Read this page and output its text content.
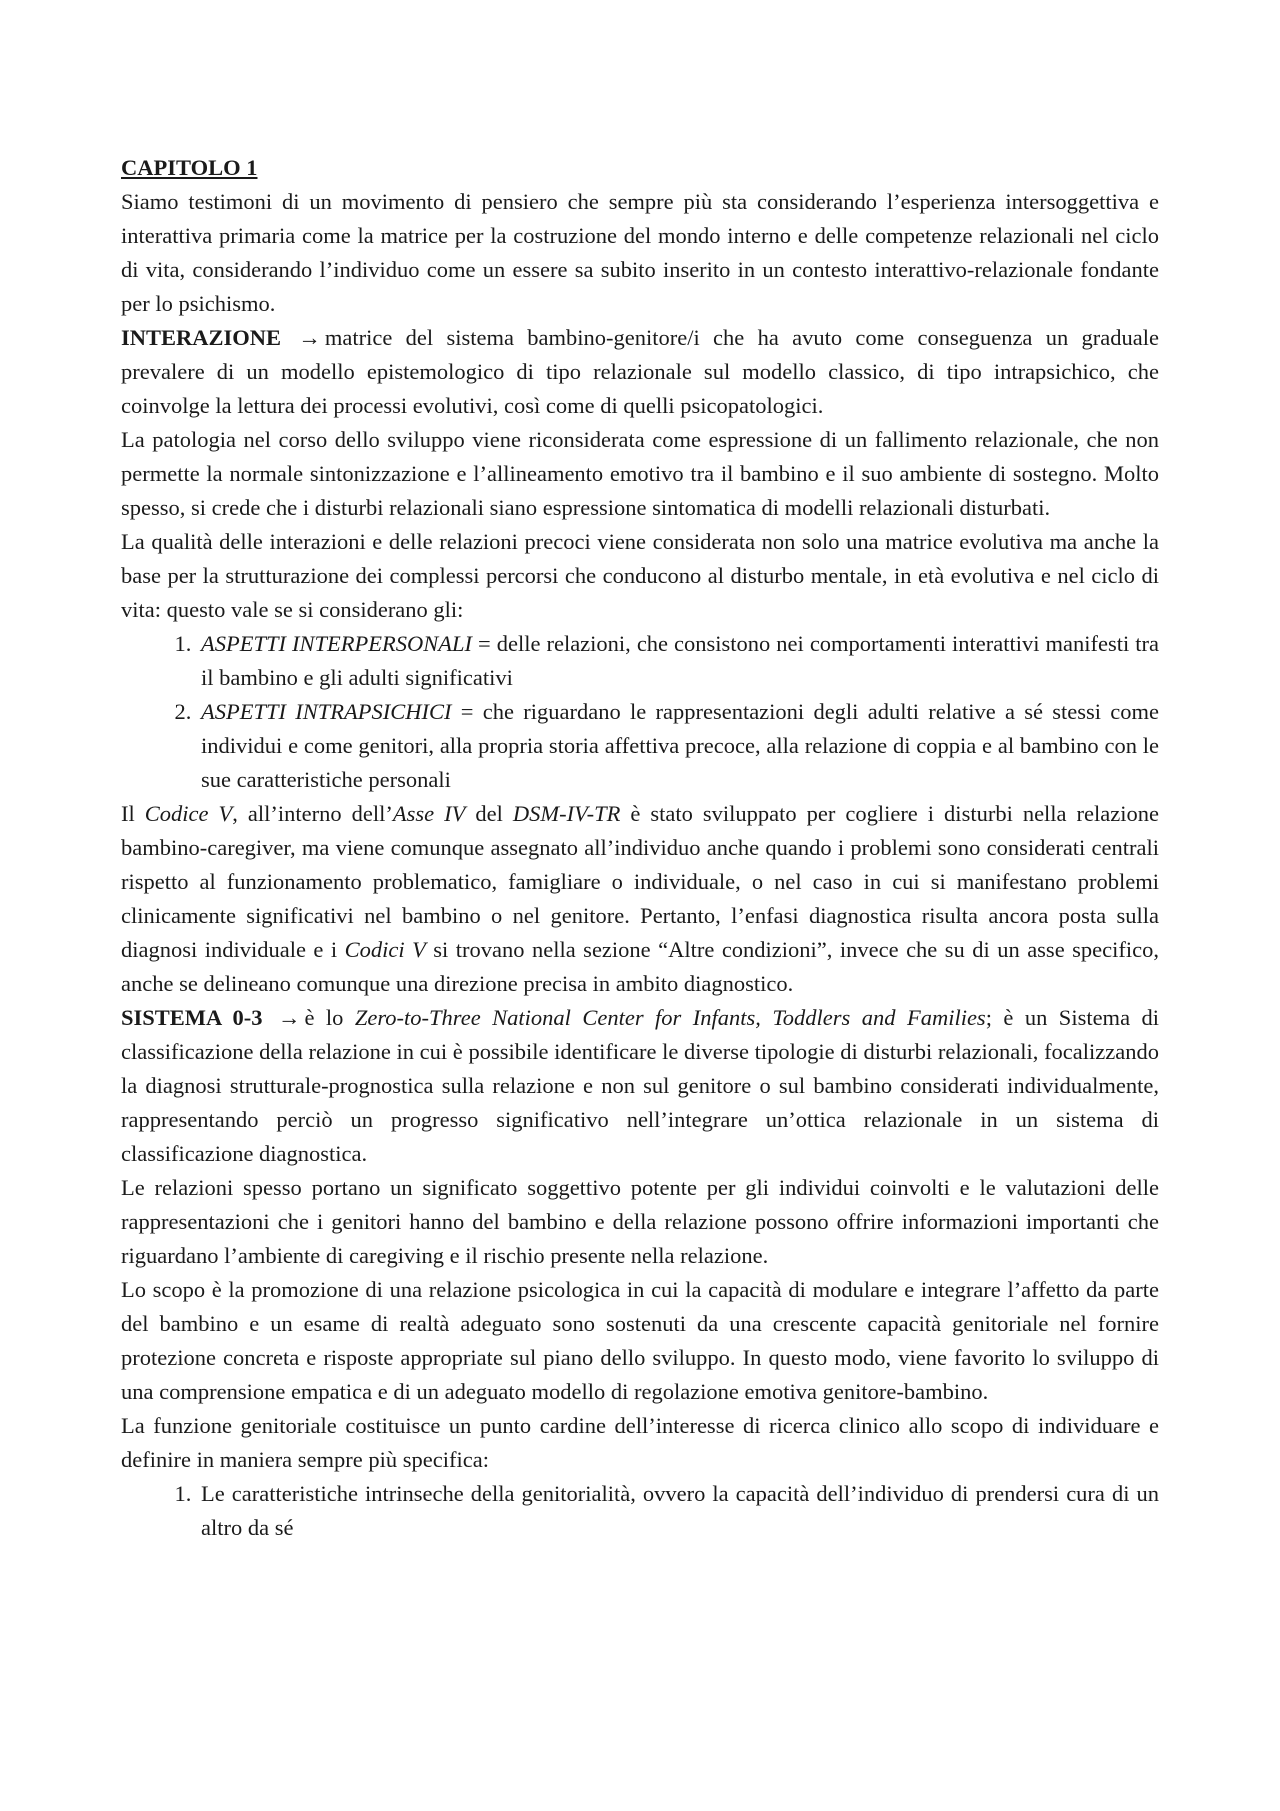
CAPITOLO 1

Siamo testimoni di un movimento di pensiero che sempre più sta considerando l’esperienza intersoggettiva e interattiva primaria come la matrice per la costruzione del mondo interno e delle competenze relazionali nel ciclo di vita, considerando l’individuo come un essere sa subito inserito in un contesto interattivo-relazionale fondante per lo psichismo.

INTERAZIONE → matrice del sistema bambino-genitore/i che ha avuto come conseguenza un graduale prevalere di un modello epistemologico di tipo relazionale sul modello classico, di tipo intrapsichico, che coinvolge la lettura dei processi evolutivi, così come di quelli psicopatologici.

La patologia nel corso dello sviluppo viene riconsiderata come espressione di un fallimento relazionale, che non permette la normale sintonizzazione e l’allineamento emotivo tra il bambino e il suo ambiente di sostegno. Molto spesso, si crede che i disturbi relazionali siano espressione sintomatica di modelli relazionali disturbati.

La qualità delle interazioni e delle relazioni precoci viene considerata non solo una matrice evolutiva ma anche la base per la strutturazione dei complessi percorsi che conducono al disturbo mentale, in età evolutiva e nel ciclo di vita: questo vale se si considerano gli:

1. ASPETTI INTERPERSONALI = delle relazioni, che consistono nei comportamenti interattivi manifesti tra il bambino e gli adulti significativi
2. ASPETTI INTRAPSICHICI = che riguardano le rappresentazioni degli adulti relative a sé stessi come individui e come genitori, alla propria storia affettiva precoce, alla relazione di coppia e al bambino con le sue caratteristiche personali

Il Codice V, all’interno dell’Asse IV del DSM-IV-TR è stato sviluppato per cogliere i disturbi nella relazione bambino-caregiver, ma viene comunque assegnato all’individuo anche quando i problemi sono considerati centrali rispetto al funzionamento problematico, famigliare o individuale, o nel caso in cui si manifestano problemi clinicamente significativi nel bambino o nel genitore. Pertanto, l’enfasi diagnostica risulta ancora posta sulla diagnosi individuale e i Codici V si trovano nella sezione “Altre condizioni”, invece che su di un asse specifico, anche se delineano comunque una direzione precisa in ambito diagnostico.

SISTEMA 0-3 → è lo Zero-to-Three National Center for Infants, Toddlers and Families; è un Sistema di classificazione della relazione in cui è possibile identificare le diverse tipologie di disturbi relazionali, focalizzando la diagnosi strutturale-prognostica sulla relazione e non sul genitore o sul bambino considerati individualmente, rappresentando perciò un progresso significativo nell’integrare un’ottica relazionale in un sistema di classificazione diagnostica.

Le relazioni spesso portano un significato soggettivo potente per gli individui coinvolti e le valutazioni delle rappresentazioni che i genitori hanno del bambino e della relazione possono offrire informazioni importanti che riguardano l’ambiente di caregiving e il rischio presente nella relazione.

Lo scopo è la promozione di una relazione psicologica in cui la capacità di modulare e integrare l’affetto da parte del bambino e un esame di realtà adeguato sono sostenuti da una crescente capacità genitoriale nel fornire protezione concreta e risposte appropriate sul piano dello sviluppo. In questo modo, viene favorito lo sviluppo di una comprensione empatica e di un adeguato modello di regolazione emotiva genitore-bambino.

La funzione genitoriale costituisce un punto cardine dell’interesse di ricerca clinico allo scopo di individuare e definire in maniera sempre più specifica:

1. Le caratteristiche intrinseche della genitorialità, ovvero la capacità dell’individuo di prendersi cura di un altro da sé
